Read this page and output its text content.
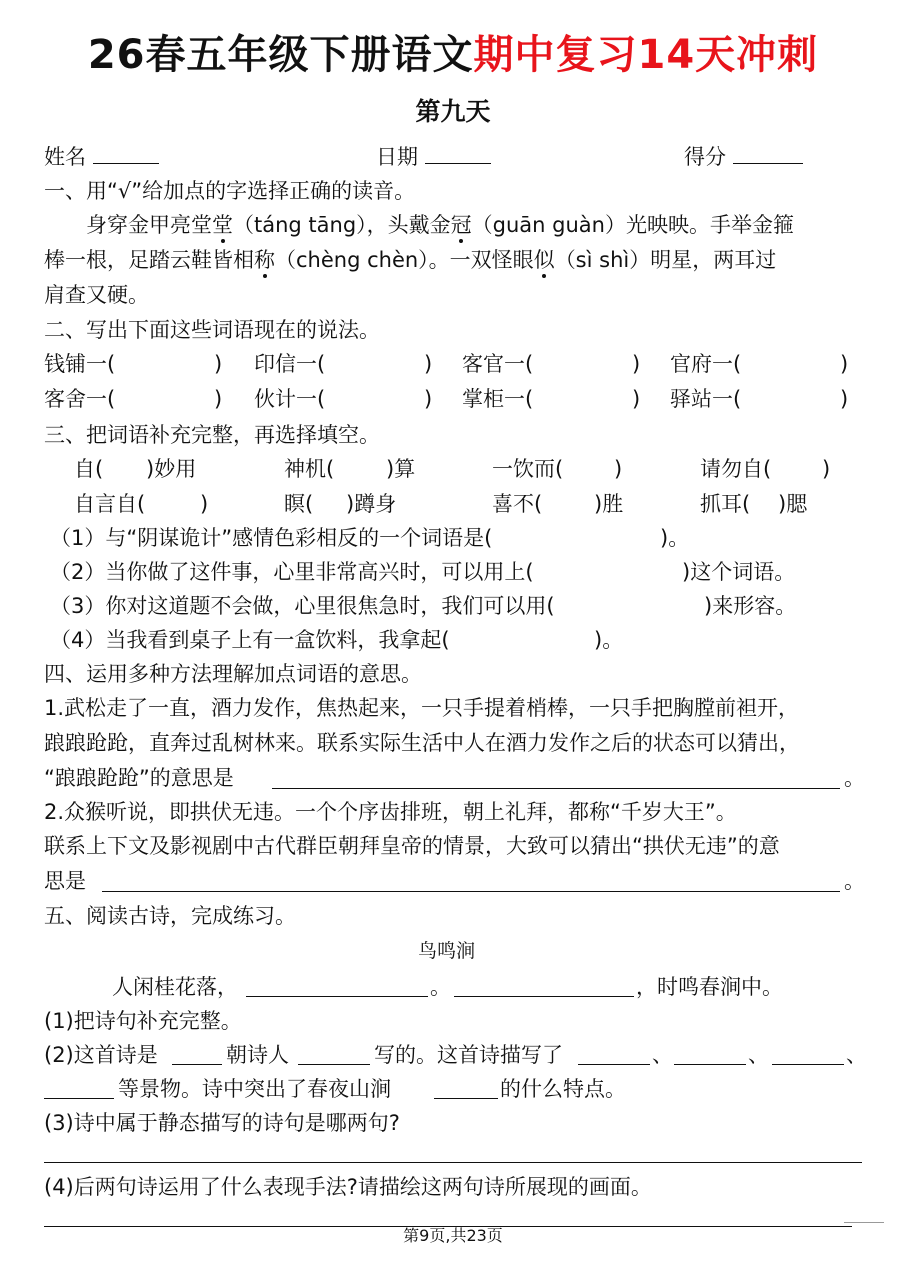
26春五年级下册语文期中复习14天冲刺
第九天
姓名	日期	得分
一、用“√”给加点的字选择正确的读音。
身穿金甲亮堂堂（táng tāng），头戴金冠（guān guàn）光映映。手举金箍
棒一根，足踏云鞋皆相称（chèng chèn）。一双怪眼似（sì shì）明星，两耳过
肩查又硬。
二、写出下面这些词语现在的说法。
钱铺一(	) 印信一(	) 客官一(	) 官府一(	)
客舍一(	) 伙计一(	) 掌柜一(	) 驿站一(	)
三、把词语补充完整，再选择填空。
自( )妙用	神机( )算	一饮而( )	请勿自( )
自言自(	)	瞑( )蹲身	喜不( )胜	抓耳( )腮
（1）与“阴谋诡计”感情色彩相反的一个词语是(	)。
（2）当你做了这件事，心里非常高兴时，可以用上(	)这个词语。
（3）你对这道题不会做，心里很焦急时，我们可以用(	)来形容。
（4）当我看到桌子上有一盒饮料，我拿起(	)。
四、运用多种方法理解加点词语的意思。
1.武松走了一直，酒力发作，焦热起来，一只手提着梢棒，一只手把胸膛前袒开，
踉踉跄跄，直奔过乱树林来。联系实际生活中人在酒力发作之后的状态可以猜出，
“踉踉跄跄”的意思是	。
2.众猴听说，即拱伏无违。一个个序齿排班，朝上礼拜，都称“千岁大王”。
联系上下文及影视剧中古代群臣朝拜皇帝的情景，大致可以猜出“拱伏无违”的意
思是	。
五、阅读古诗，完成练习。
鸟鸣涧
人闲桂花落，	。	，时鸣春涧中。
(1)把诗句补充完整。
(2)这首诗是	朝诗人	写的。这首诗描写了	、	、	、
等景物。诗中突出了春夜山涧	的什么特点。
(3)诗中属于静态描写的诗句是哪两句?
(4)后两句诗运用了什么表现手法?请描绘这两句诗所展现的画面。
第9页,共23页
